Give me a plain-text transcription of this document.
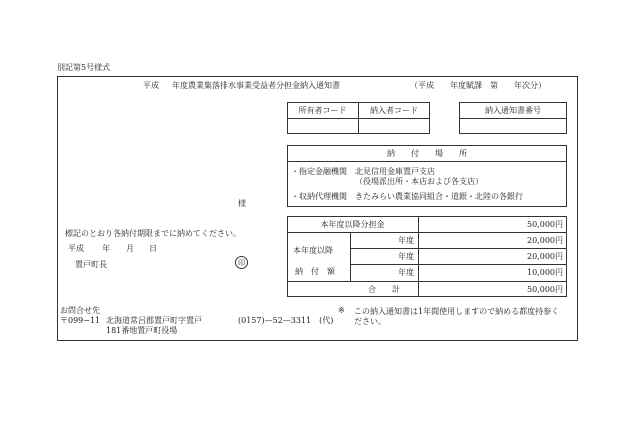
別記第5号様式
平成 年度農業集落排水事業受益者分担金納入通知書	（平成　　年度賦課　第　　年次分）
所有者コード	納入者コード	納入通知書番号
納　　付　　場　　所
・指定金融機関 北見信用金庫置戸支店
（役場派出所・本店および各支店）
・収納代理機関 きたみらい農業協同組合・道銀・北陸の各銀行
様
標記のとおり各納付期限までに納めてください。
平成 年 月 日
置戸町長	印
本年度以降分担金	50,000円
本年度以降
納　付　額
年度	20,000円
年度	20,000円
年度	10,000円
合　　計	50,000円
お問合せ先
〒099−11 北海道常呂郡置戸町字置戸
181番地置戸町役場
(0157)—52—3311　(代)
※ この納入通知書は1年間使用しますので納める都度持参く
ださい。
